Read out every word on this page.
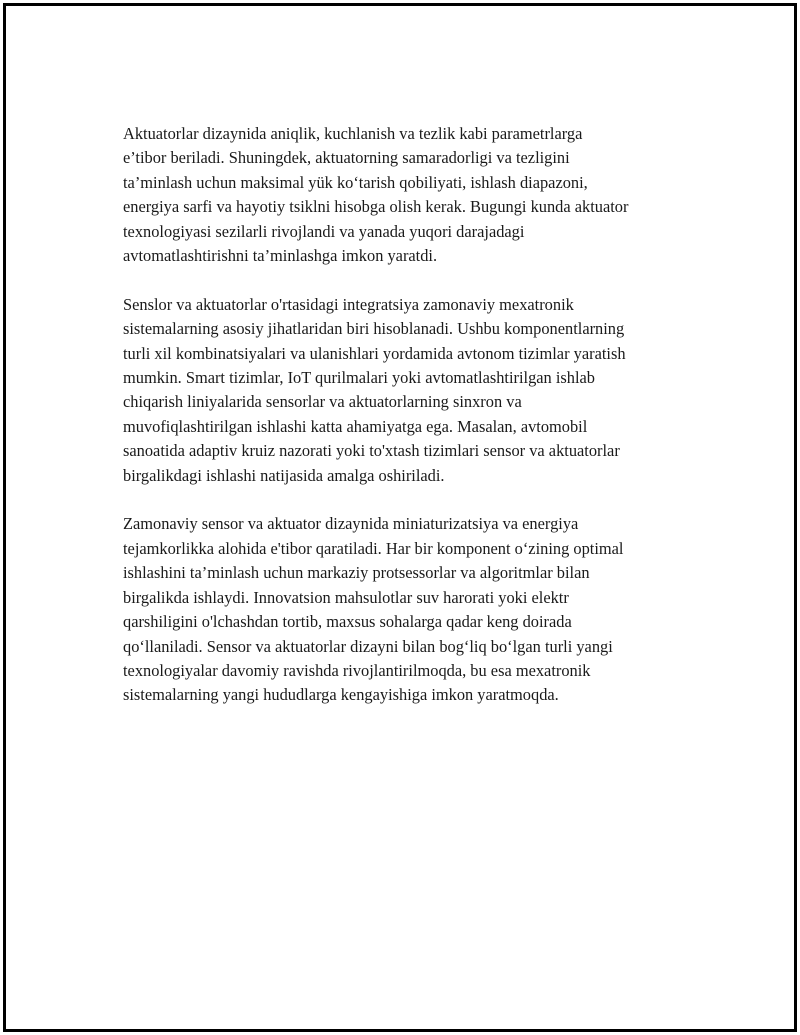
Aktuatorlar dizaynida aniqlik, kuchlanish va tezlik kabi parametrlarga
e’tibor beriladi. Shuningdek, aktuatorning samaradorligi va tezligini
ta’minlash uchun maksimal yük ko‘tarish qobiliyati, ishlash diapazoni,
energiya sarfi va hayotiy tsiklni hisobga olish kerak. Bugungi kunda aktuator
texnologiyasi sezilarli rivojlandi va yanada yuqori darajadagi
avtomatlashtirishni ta’minlashga imkon yaratdi.

Senslor va aktuatorlar o'rtasidagi integratsiya zamonaviy mexatronik
sistemalarning asosiy jihatlaridan biri hisoblanadi. Ushbu komponentlarning
turli xil kombinatsiyalari va ulanishlari yordamida avtonom tizimlar yaratish
mumkin. Smart tizimlar, IoT qurilmalari yoki avtomatlashtirilgan ishlab
chiqarish liniyalarida sensorlar va aktuatorlarning sinxron va
muvofiqlashtirilgan ishlashi katta ahamiyatga ega. Masalan, avtomobil
sanoatida adaptiv kruiz nazorati yoki to'xtash tizimlari sensor va aktuatorlar
birgalikdagi ishlashi natijasida amalga oshiriladi.

Zamonaviy sensor va aktuator dizaynida miniaturizatsiya va energiya
tejamkorlikka alohida e'tibor qaratiladi. Har bir komponent o‘zining optimal
ishlashini ta’minlash uchun markaziy protsessorlar va algoritmlar bilan
birgalikda ishlaydi. Innovatsion mahsulotlar suv harorati yoki elektr
qarshiligini o'lchashdan tortib, maxsus sohalarga qadar keng doirada
qo‘llaniladi. Sensor va aktuatorlar dizayni bilan bog‘liq bo‘lgan turli yangi
texnologiyalar davomiy ravishda rivojlantirilmoqda, bu esa mexatronik
sistemalarning yangi hududlarga kengayishiga imkon yaratmoqda.
